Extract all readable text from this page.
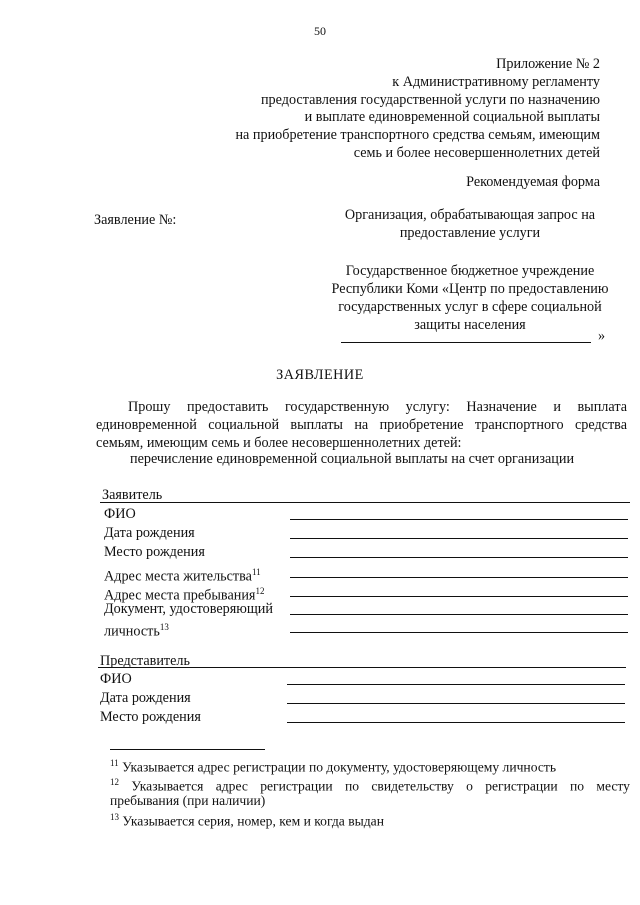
50
Приложение № 2
к Административному регламенту
предоставления государственной услуги по назначению
и выплате единовременной социальной выплаты
на приобретение транспортного средства семьям, имеющим
семь и более несовершеннолетних детей
Рекомендуемая форма
Заявление №:	Организация, обрабатывающая запрос на
предоставление услуги
Государственное бюджетное учреждение
Республики Коми «Центр по предоставлению
государственных услуг в сфере социальной
защиты населения
»
ЗАЯВЛЕНИЕ
Прошу предоставить государственную услугу: Назначение и выплата единовременной социальной выплаты на приобретение транспортного средства семьям, имеющим семь и более несовершеннолетних детей:
перечисление единовременной социальной выплаты на счет организации
Заявитель
ФИО
Дата рождения
Место рождения
Адрес места жительства$^{11}$
Адрес места пребывания$^{12}$
Документ, удостоверяющий
личность$^{13}$
Представитель
ФИО
Дата рождения
Место рождения
$^{11}$ Указывается адрес регистрации по документу, удостоверяющему личность
$^{12}$ Указывается адрес регистрации по свидетельству о регистрации по месту
пребывания (при наличии)
$^{13}$ Указывается серия, номер, кем и когда выдан
